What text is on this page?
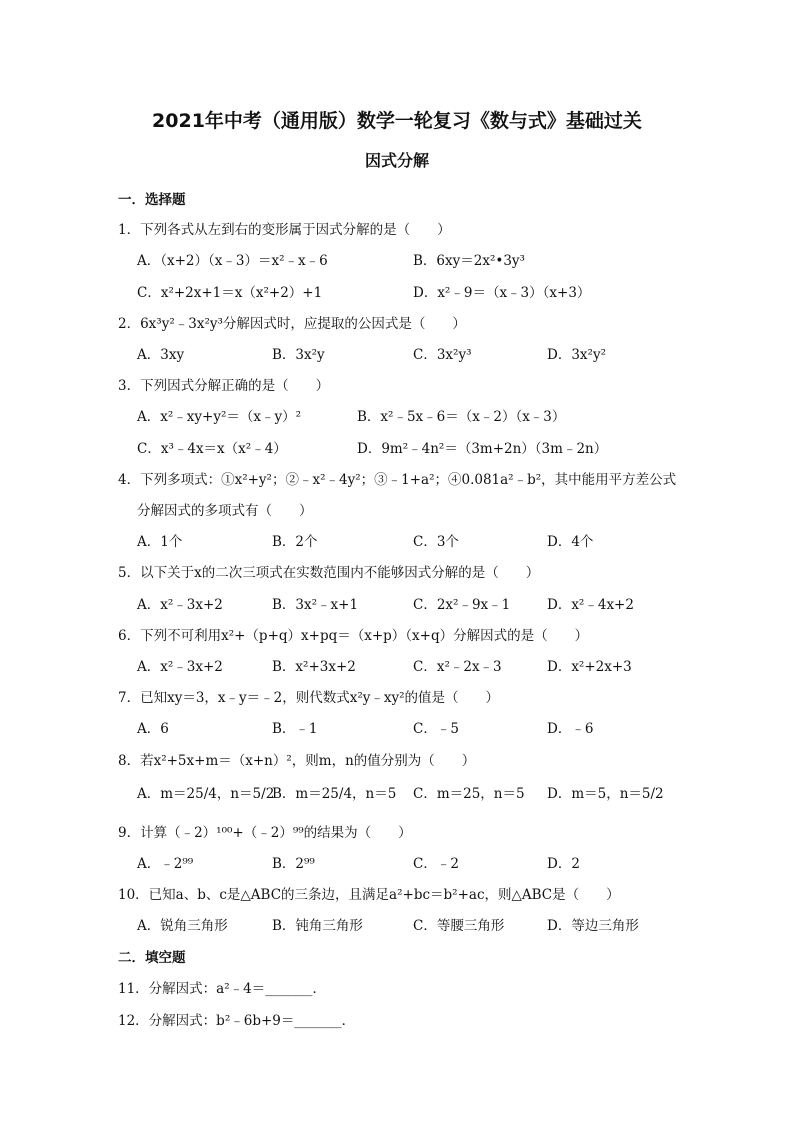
2021年中考（通用版）数学一轮复习《数与式》基础过关
因式分解
一．选择题
1．下列各式从左到右的变形属于因式分解的是（　　）
A．（x+2）（x﹣3）＝x²﹣x﹣6	B．6xy＝2x²•3y³
C．x²+2x+1＝x（x²+2）+1	D．x²﹣9＝（x﹣3）（x+3）
2．6x³y²﹣3x²y³分解因式时，应提取的公因式是（　　）
A．3xy	B．3x²y	C．3x²y³	D．3x²y²
3．下列因式分解正确的是（　　）
A．x²﹣xy+y²＝（x﹣y）²	B．x²﹣5x﹣6＝（x﹣2）（x﹣3）
C．x³﹣4x＝x（x²﹣4）	D．9m²﹣4n²＝（3m+2n）（3m﹣2n）
4．下列多项式：①x²+y²；②﹣x²﹣4y²；③﹣1+a²；④0.081a²﹣b²，其中能用平方差公式
分解因式的多项式有（　　）
A．1个	B．2个	C．3个	D．4个
5．以下关于x的二次三项式在实数范围内不能够因式分解的是（　　）
A．x²﹣3x+2	B．3x²﹣x+1	C．2x²﹣9x﹣1	D．x²﹣4x+2
6．下列不可利用x²+（p+q）x+pq＝（x+p）（x+q）分解因式的是（　　）
A．x²﹣3x+2	B．x²+3x+2	C．x²﹣2x﹣3	D．x²+2x+3
7．已知xy＝3，x﹣y＝﹣2，则代数式x²y﹣xy²的值是（　　）
A．6	B．﹣1	C．﹣5	D．﹣6
8．若x²+5x+m＝（x+n）²，则m，n的值分别为（　　）
A．m＝25/4，n＝5/2
B．m＝25/4，n＝5 C．m＝25，n＝5 D．m＝5，n＝5/2
9．计算（﹣2）¹⁰⁰+（﹣2）⁹⁹的结果为（　　）
A．﹣2⁹⁹	B．2⁹⁹	C．﹣2	D．2
10．已知a、b、c是△ABC的三条边，且满足a²+bc＝b²+ac，则△ABC是（　　）
A．锐角三角形	B．钝角三角形	C．等腰三角形	D．等边三角形
二．填空题
11．分解因式：a²﹣4＝_______．
12．分解因式：b²﹣6b+9＝_______．
